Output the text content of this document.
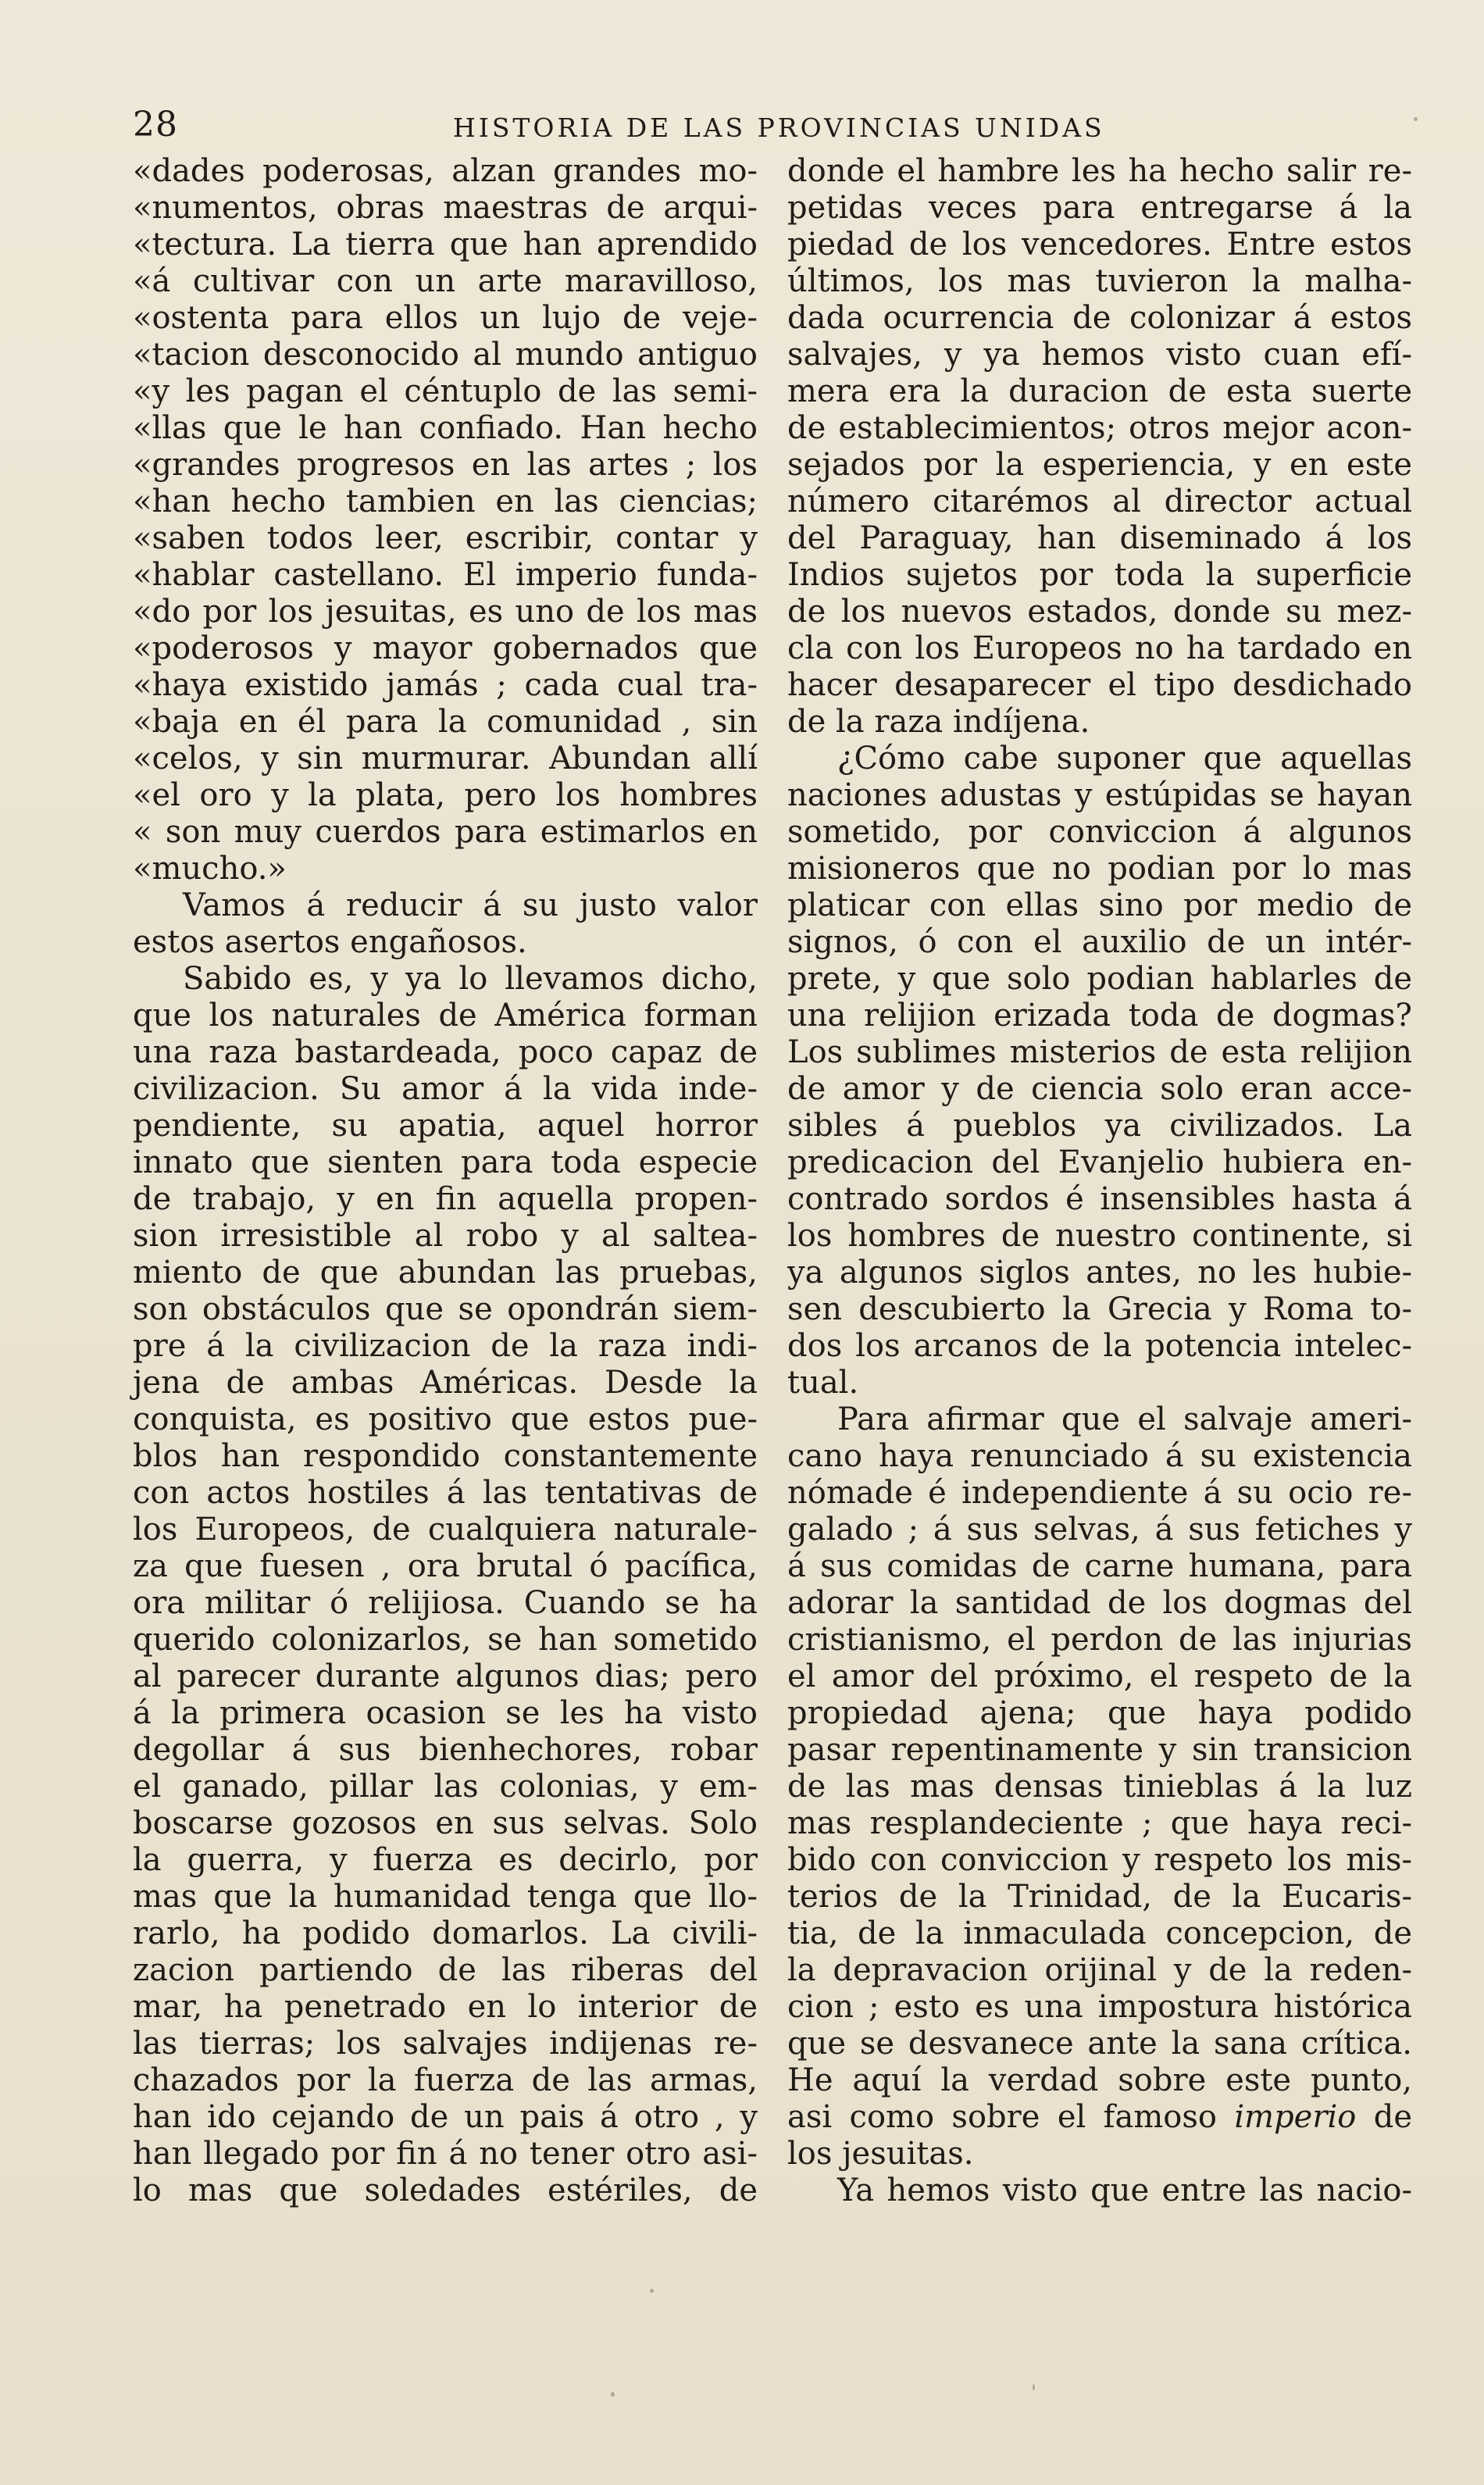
28	HISTORIA DE LAS PROVINCIAS UNIDAS
«dades poderosas, alzan grandes mo-
«numentos, obras maestras de arqui-
«tectura. La tierra que han aprendido
«á cultivar con un arte maravilloso,
«ostenta para ellos un lujo de veje-
«tacion desconocido al mundo antiguo
«y les pagan el céntuplo de las semi-
«llas que le han confiado. Han hecho
«grandes progresos en las artes ; los
«han hecho tambien en las ciencias;
«saben todos leer, escribir, contar y
«hablar castellano. El imperio funda-
«do por los jesuitas, es uno de los mas
«poderosos y mayor gobernados que
«haya existido jamás ; cada cual tra-
«baja en él para la comunidad , sin
«celos, y sin murmurar. Abundan allí
«el oro y la plata, pero los hombres
« son muy cuerdos para estimarlos en
«mucho.»
Vamos á reducir á su justo valor
estos asertos engañosos.
Sabido es, y ya lo llevamos dicho,
que los naturales de América forman
una raza bastardeada, poco capaz de
civilizacion. Su amor á la vida inde-
pendiente, su apatia, aquel horror
innato que sienten para toda especie
de trabajo, y en fin aquella propen-
sion irresistible al robo y al saltea-
miento de que abundan las pruebas,
son obstáculos que se opondrán siem-
pre á la civilizacion de la raza indi-
jena de ambas Américas. Desde la
conquista, es positivo que estos pue-
blos han respondido constantemente
con actos hostiles á las tentativas de
los Europeos, de cualquiera naturale-
za que fuesen , ora brutal ó pacífica,
ora militar ó relijiosa. Cuando se ha
querido colonizarlos, se han sometido
al parecer durante algunos dias; pero
á la primera ocasion se les ha visto
degollar á sus bienhechores, robar
el ganado, pillar las colonias, y em-
boscarse gozosos en sus selvas. Solo
la guerra, y fuerza es decirlo, por
mas que la humanidad tenga que llo-
rarlo, ha podido domarlos. La civili-
zacion partiendo de las riberas del
mar, ha penetrado en lo interior de
las tierras; los salvajes indijenas re-
chazados por la fuerza de las armas,
han ido cejando de un pais á otro , y
han llegado por fin á no tener otro asi-
lo mas que soledades estériles, de
donde el hambre les ha hecho salir re-
petidas veces para entregarse á la
piedad de los vencedores. Entre estos
últimos, los mas tuvieron la malha-
dada ocurrencia de colonizar á estos
salvajes, y ya hemos visto cuan efí-
mera era la duracion de esta suerte
de establecimientos; otros mejor acon-
sejados por la esperiencia, y en este
número citarémos al director actual
del Paraguay, han diseminado á los
Indios sujetos por toda la superficie
de los nuevos estados, donde su mez-
cla con los Europeos no ha tardado en
hacer desaparecer el tipo desdichado
de la raza indíjena.
¿Cómo cabe suponer que aquellas
naciones adustas y estúpidas se hayan
sometido, por conviccion á algunos
misioneros que no podian por lo mas
platicar con ellas sino por medio de
signos, ó con el auxilio de un intér-
prete, y que solo podian hablarles de
una relijion erizada toda de dogmas?
Los sublimes misterios de esta relijion
de amor y de ciencia solo eran acce-
sibles á pueblos ya civilizados. La
predicacion del Evanjelio hubiera en-
contrado sordos é insensibles hasta á
los hombres de nuestro continente, si
ya algunos siglos antes, no les hubie-
sen descubierto la Grecia y Roma to-
dos los arcanos de la potencia intelec-
tual.
Para afirmar que el salvaje ameri-
cano haya renunciado á su existencia
nómade é independiente á su ocio re-
galado ; á sus selvas, á sus fetiches y
á sus comidas de carne humana, para
adorar la santidad de los dogmas del
cristianismo, el perdon de las injurias
el amor del próximo, el respeto de la
propiedad ajena; que haya podido
pasar repentinamente y sin transicion
de las mas densas tinieblas á la luz
mas resplandeciente ; que haya reci-
bido con conviccion y respeto los mis-
terios de la Trinidad, de la Eucaris-
tia, de la inmaculada concepcion, de
la depravacion orijinal y de la reden-
cion ; esto es una impostura histórica
que se desvanece ante la sana crítica.
He aquí la verdad sobre este punto,
asi como sobre el famoso imperio de
los jesuitas.
Ya hemos visto que entre las nacio-
